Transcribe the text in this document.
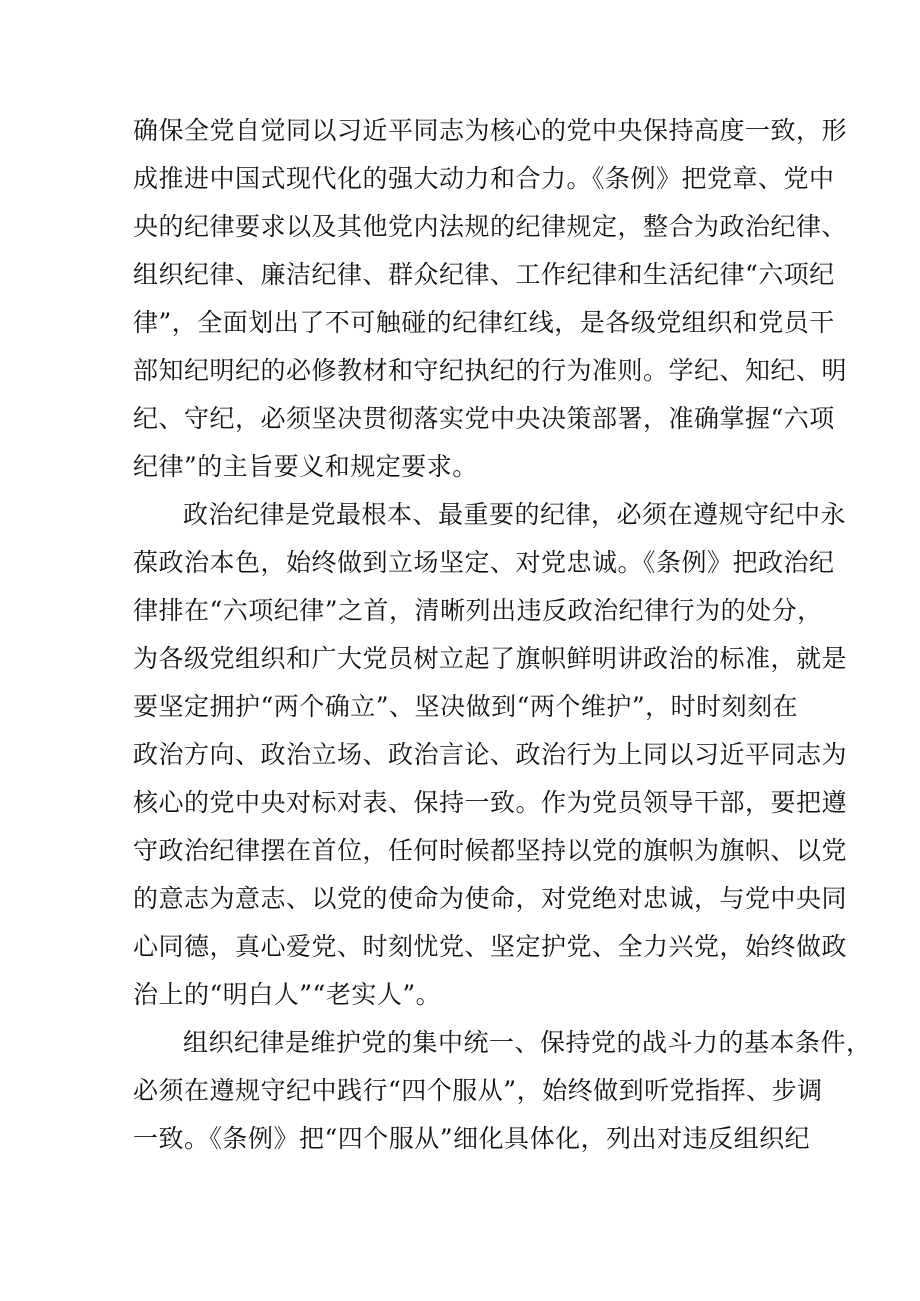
确保全党自觉同以习近平同志为核心的党中央保持高度一致，形
成推进中国式现代化的强大动力和合力。《条例》把党章、党中
央的纪律要求以及其他党内法规的纪律规定，整合为政治纪律、
组织纪律、廉洁纪律、群众纪律、工作纪律和生活纪律“六项纪
律”，全面划出了不可触碰的纪律红线，是各级党组织和党员干
部知纪明纪的必修教材和守纪执纪的行为准则。学纪、知纪、明
纪、守纪，必须坚决贯彻落实党中央决策部署，准确掌握“六项
纪律”的主旨要义和规定要求。
政治纪律是党最根本、最重要的纪律，必须在遵规守纪中永
葆政治本色，始终做到立场坚定、对党忠诚。《条例》把政治纪
律排在“六项纪律”之首，清晰列出违反政治纪律行为的处分，
为各级党组织和广大党员树立起了旗帜鲜明讲政治的标准，就是
要坚定拥护“两个确立”、坚决做到“两个维护”，时时刻刻在
政治方向、政治立场、政治言论、政治行为上同以习近平同志为
核心的党中央对标对表、保持一致。作为党员领导干部，要把遵
守政治纪律摆在首位，任何时候都坚持以党的旗帜为旗帜、以党
的意志为意志、以党的使命为使命，对党绝对忠诚，与党中央同
心同德，真心爱党、时刻忧党、坚定护党、全力兴党，始终做政
治上的“明白人”“老实人”。
组织纪律是维护党的集中统一、保持党的战斗力的基本条件，
必须在遵规守纪中践行“四个服从”，始终做到听党指挥、步调
一致。《条例》把“四个服从”细化具体化，列出对违反组织纪
